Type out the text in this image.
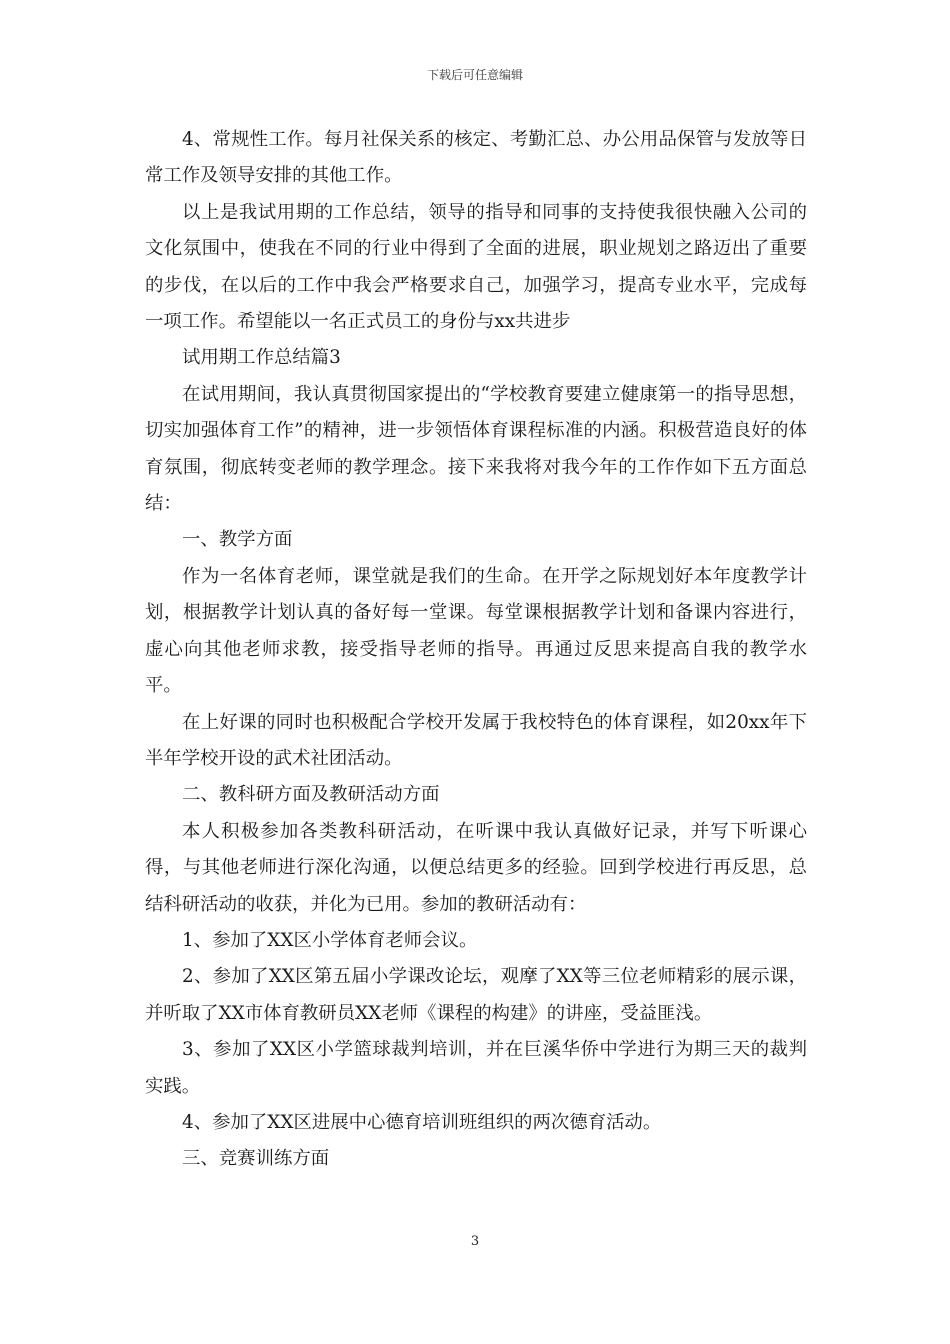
下载后可任意编辑

4、常规性工作。每月社保关系的核定、考勤汇总、办公用品保管与发放等日常工作及领导安排的其他工作。

以上是我试用期的工作总结，领导的指导和同事的支持使我很快融入公司的文化氛围中，使我在不同的行业中得到了全面的进展，职业规划之路迈出了重要的步伐，在以后的工作中我会严格要求自己，加强学习，提高专业水平，完成每一项工作。希望能以一名正式员工的身份与xx共进步

试用期工作总结篇3

在试用期间，我认真贯彻国家提出的“学校教育要建立健康第一的指导思想，切实加强体育工作”的精神，进一步领悟体育课程标准的内涵。积极营造良好的体育氛围，彻底转变老师的教学理念。接下来我将对我今年的工作作如下五方面总结：

一、教学方面

作为一名体育老师，课堂就是我们的生命。在开学之际规划好本年度教学计划，根据教学计划认真的备好每一堂课。每堂课根据教学计划和备课内容进行，虚心向其他老师求教，接受指导老师的指导。再通过反思来提高自我的教学水平。

在上好课的同时也积极配合学校开发属于我校特色的体育课程，如20xx年下半年学校开设的武术社团活动。

二、教科研方面及教研活动方面

本人积极参加各类教科研活动，在听课中我认真做好记录，并写下听课心得，与其他老师进行深化沟通，以便总结更多的经验。回到学校进行再反思，总结科研活动的收获，并化为已用。参加的教研活动有：

1、参加了XX区小学体育老师会议。

2、参加了XX区第五届小学课改论坛，观摩了XX等三位老师精彩的展示课，并听取了XX市体育教研员XX老师《课程的构建》的讲座，受益匪浅。

3、参加了XX区小学篮球裁判培训，并在巨溪华侨中学进行为期三天的裁判实践。

4、参加了XX区进展中心德育培训班组织的两次德育活动。

三、竞赛训练方面

3
